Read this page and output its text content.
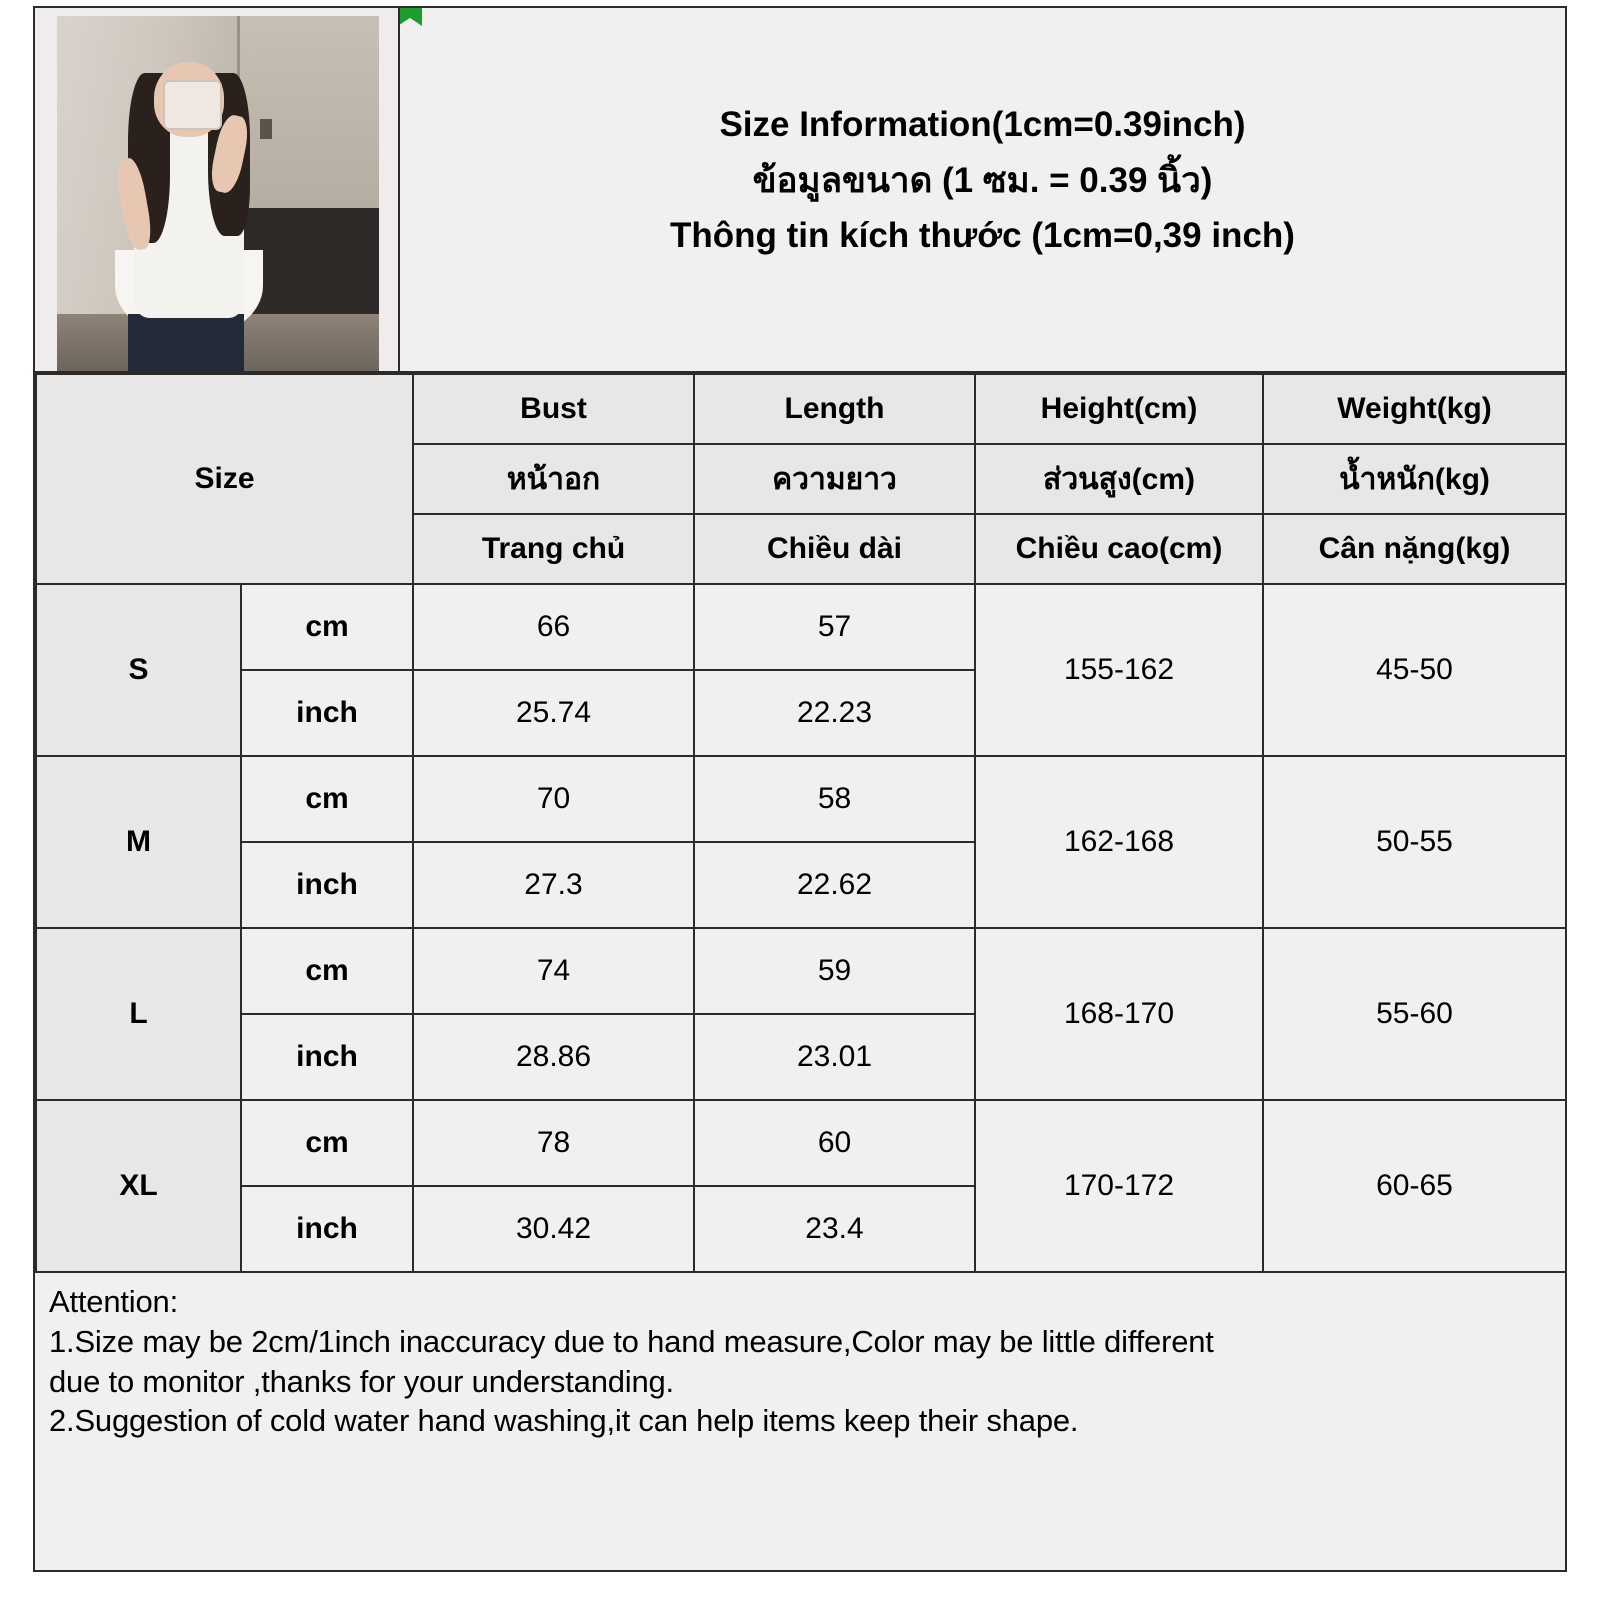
Size Information(1cm=0.39inch)
ข้อมูลขนาด (1 ซม. = 0.39 นิ้ว)
Thông tin kích thước (1cm=0,39 inch)
Size		Bust	Length	Height(cm)	Weight(kg)
		หน้าอก	ความยาว	ส่วนสูง(cm)	น้ำหนัก(kg)
		Trang chủ	Chiều dài	Chiều cao(cm)	Cân nặng(kg)
S	cm	66	57	155-162	45-50
	inch	25.74	22.23		
M	cm	70	58	162-168	50-55
	inch	27.3	22.62		
L	cm	74	59	168-170	55-60
	inch	28.86	23.01		
XL	cm	78	60	170-172	60-65
	inch	30.42	23.4		

Attention:

1.Size may be 2cm/1inch inaccuracy due to hand measure,Color may be little different

due to monitor ,thanks for your understanding.

2.Suggestion of cold water hand washing,it can help items keep their shape.
